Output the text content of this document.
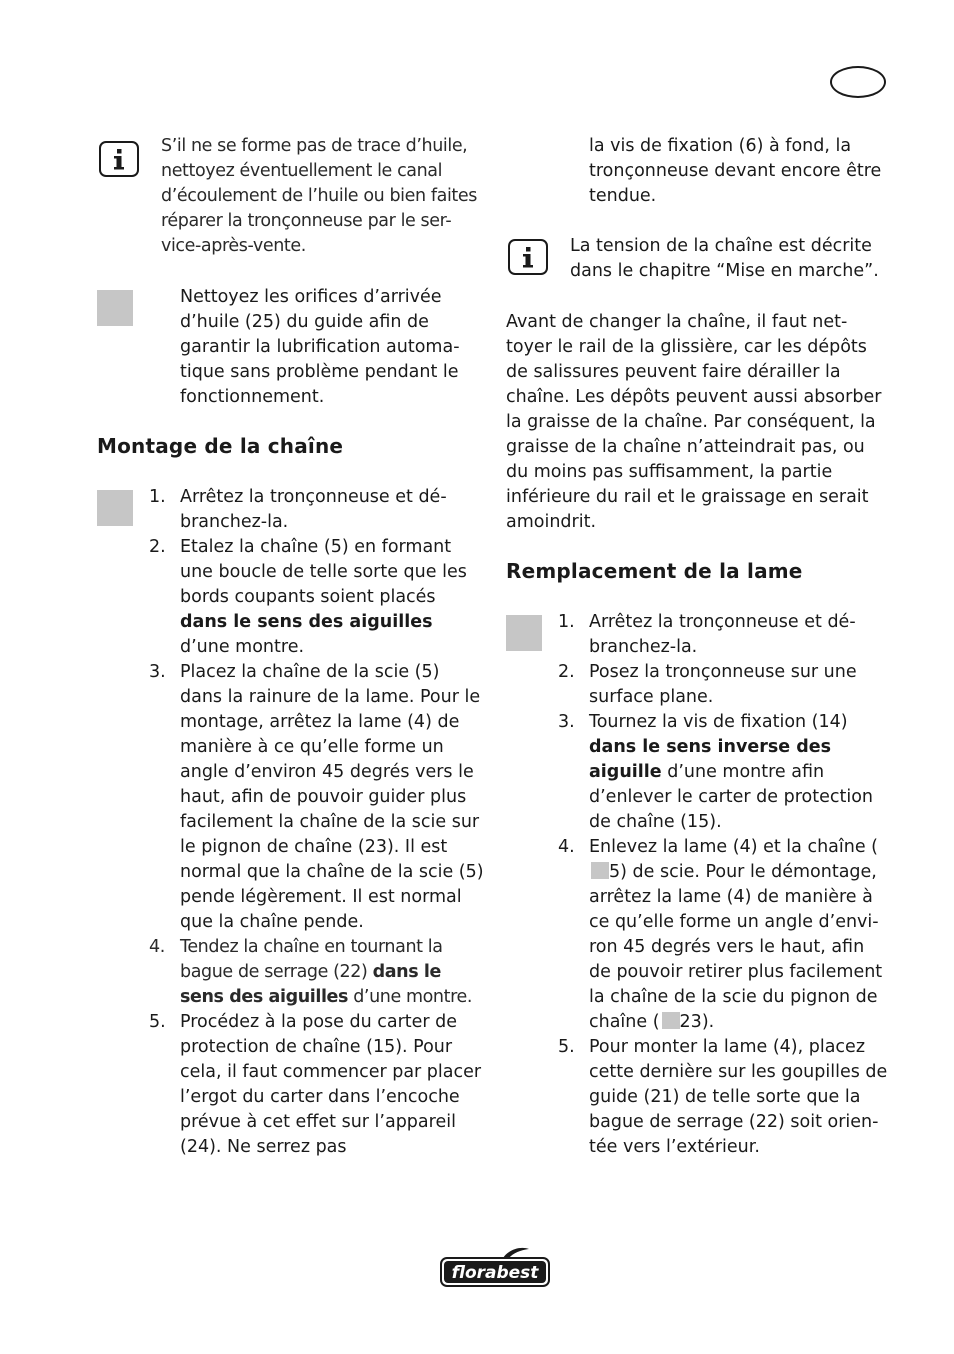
S’il ne se forme pas de trace d’huile, nettoyez éventuellement le canal d’écoulement de l’huile ou bien faites réparer la tronçonneuse par le ser-vice-après-vente.
Nettoyez les orifices d’arrivée d’huile (25) du guide afin de garantir la lubrification automa-tique sans problème pendant le fonctionnement.
Montage de la chaîne
1. Arrêtez la tronçonneuse et dé-branchez-la.
2. Etalez la chaîne (5) en formant une boucle de telle sorte que les bords coupants soient placés dans le sens des aiguilles d’une montre.
3. Placez la chaîne de la scie (5) dans la rainure de la lame. Pour le montage, arrêtez la lame (4) de manière à ce qu’elle forme un angle d’environ 45 degrés vers le haut, afin de pouvoir guider plus facilement la chaîne de la scie sur le pignon de chaîne (23). Il est normal que la chaîne de la scie (5) pende légèrement. Il est normal que la chaîne pende.
4. Tendez la chaîne en tournant la bague de serrage (22) dans le sens des aiguilles d’une montre.
5. Procédez à la pose du carter de protection de chaîne (15). Pour cela, il faut commencer par placer l’ergot du carter dans l’encoche prévue à cet effet sur l’appareil (24). Ne serrez pas
la vis de fixation (6) à fond, la tronçonneuse devant encore être tendue.
La tension de la chaîne est décrite dans le chapitre “Mise en marche”.
Avant de changer la chaîne, il faut net-toyer le rail de la glissière, car les dépôts de salissures peuvent faire dérailler la chaîne. Les dépôts peuvent aussi absorber la graisse de la chaîne. Par conséquent, la graisse de la chaîne n’atteindrait pas, ou du moins pas suffisamment, la partie inférieure du rail et le graissage en serait amoindrit.
Remplacement de la lame
1. Arrêtez la tronçonneuse et dé-branchez-la.
2. Posez la tronçonneuse sur une surface plane.
3. Tournez la vis de fixation (14) dans le sens inverse des aiguille d’une montre afin d’enlever le carter de protection de chaîne (15).
4. Enlevez la lame (4) et la chaîne (
5) de scie. Pour le démontage, arrêtez la lame (4) de manière à ce qu’elle forme un angle d’envi-ron 45 degrés vers le haut, afin de pouvoir retirer plus facilement la chaîne de la scie du pignon de chaîne ( 23).
5. Pour monter la lame (4), placez cette dernière sur les goupilles de guide (21) de telle sorte que la bague de serrage (22) soit orien-tée vers l’extérieur.
florabest
